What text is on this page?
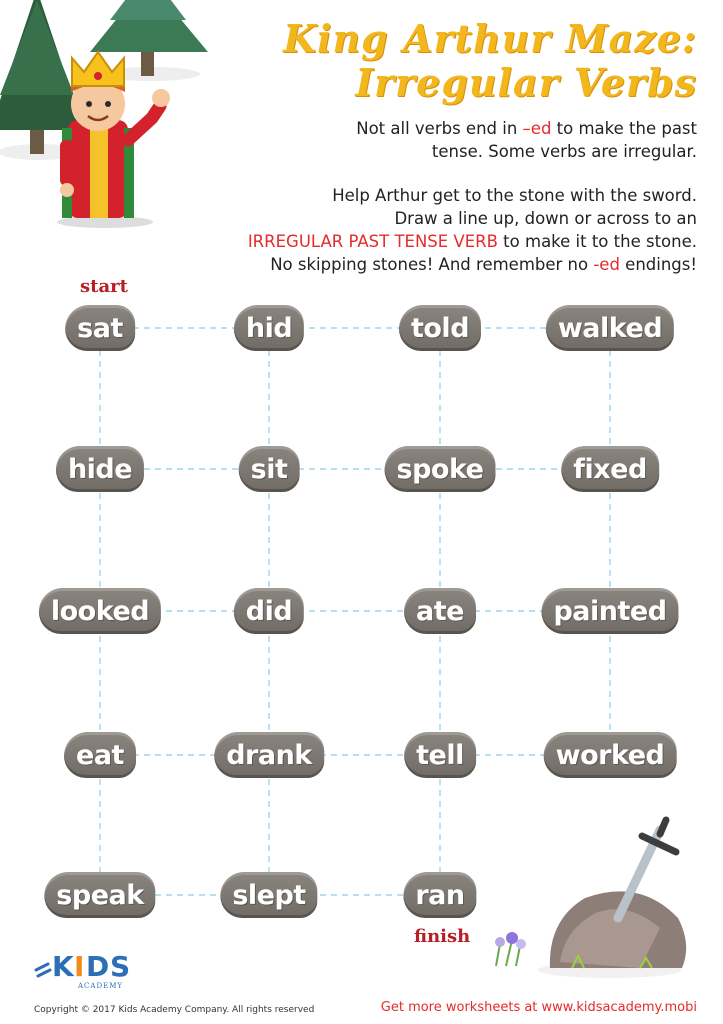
King Arthur Maze:
Irregular Verbs
Not all verbs end in –ed to make the past
tense. Some verbs are irregular.
Help Arthur get to the stone with the sword.
Draw a line up, down or across to an
IRREGULAR PAST TENSE VERB to make it to the stone.
No skipping stones! And remember no -ed endings!
start
finish
sat	hid	told	walked
hide	sit	spoke	fixed
looked	did	ate	painted
eat	drank	tell	worked
speak	slept	ran
K I D S
ACADEMY
Copyright © 2017 Kids Academy Company. All rights reserved	Get more worksheets at www.kidsacademy.mobi
